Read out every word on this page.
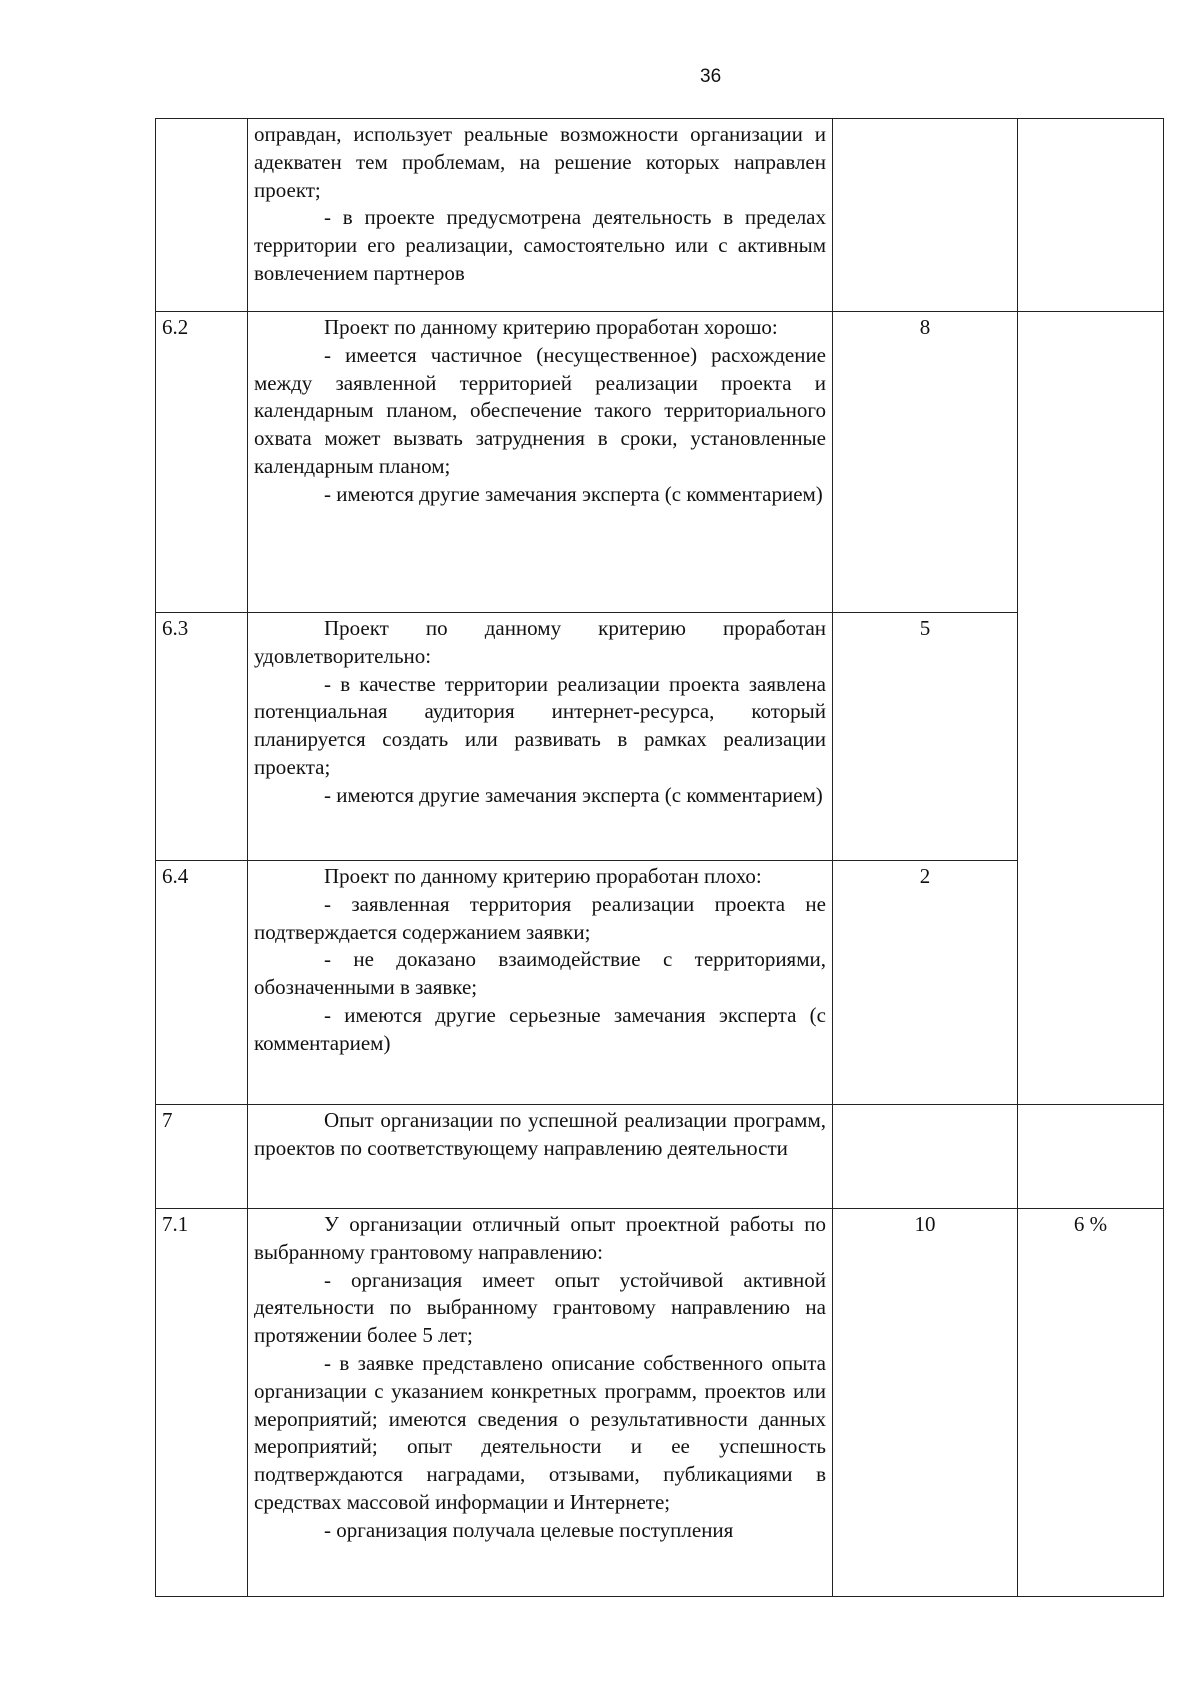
36

	оправдан, использует реальные возможности организации и адекватен тем проблемам, на решение которых направлен проект;

- в проекте предусмотрена деятельность в пределах территории его реализации, самостоятельно или с активным вовлечением партнеров		

6.2	Проект по данному критерию проработан хорошо:

- имеется частичное (несущественное) расхождение между заявленной территорией реализации проекта и календарным планом, обеспечение такого территориального охвата может вызвать затруднения в сроки, установленные календарным планом;

- имеются другие замечания эксперта (с комментарием)	8	
6.3	Проект по данному критерию проработан удовлетворительно:

- в качестве территории реализации проекта заявлена потенциальная аудитория интернет-ресурса, который планируется создать или развивать в рамках реализации проекта;

- имеются другие замечания эксперта (с комментарием)	5	
6.4	Проект по данному критерию проработан плохо:

- заявленная территория реализации проекта не подтверждается содержанием заявки;

- не доказано взаимодействие с территориями, обозначенными в заявке;

- имеются другие серьезные замечания эксперта (с комментарием)	2	
7	Опыт организации по успешной реализации программ, проектов по соответствующему направлению деятельности		

7.1	У организации отличный опыт проектной работы по выбранному грантовому направлению:

- организация имеет опыт устойчивой активной деятельности по выбранному грантовому направлению на протяжении более 5 лет;

- в заявке представлено описание собственного опыта организации с указанием конкретных программ, проектов или мероприятий; имеются сведения о результативности данных мероприятий; опыт деятельности и ее успешность подтверждаются наградами, отзывами, публикациями в средствах массовой информации и Интернете;

- организация получала целевые поступления	10	6 %
